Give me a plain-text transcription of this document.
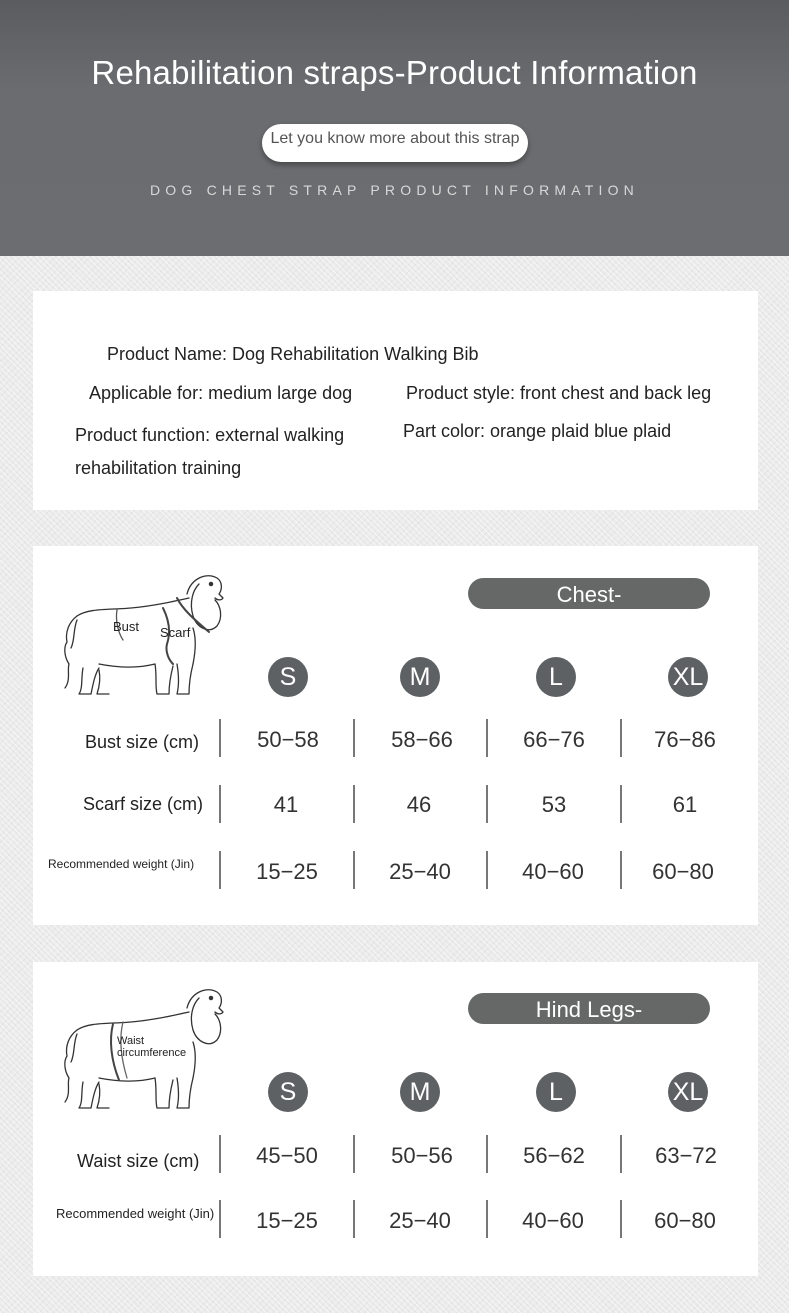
Rehabilitation straps-Product Information
Let you know more about this strap
DOG CHEST STRAP PRODUCT INFORMATION
Product Name: Dog Rehabilitation Walking Bib
Applicable for: medium large dog	Product style: front chest and back leg
Product function: external walking
rehabilitation training
Part color: orange plaid blue plaid
Bust Scarf
Chest-
S	M	L	XL
Bust size (cm)	50−58	58−66	66−76	76−86
Scarf size (cm)	41	46	53	61
Recommended weight (Jin)	15−25	25−40	40−60	60−80
Waist
circumference
Hind Legs-
S	M	L	XL
Waist size (cm)	45−50	50−56	56−62	63−72
Recommended weight (Jin)	15−25	25−40	40−60	60−80
